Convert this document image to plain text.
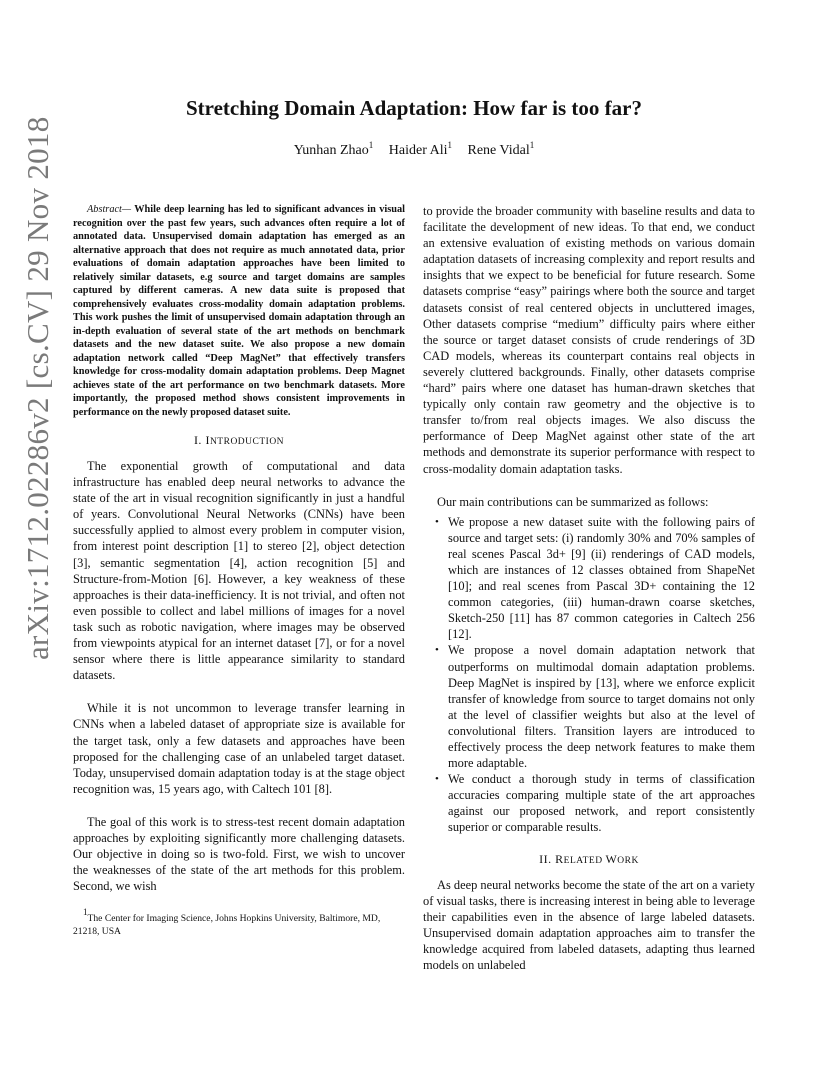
arXiv:1712.02286v2 [cs.CV] 29 Nov 2018
Stretching Domain Adaptation: How far is too far?
Yunhan Zhao$^1$ Haider Ali$^1$ Rene Vidal$^1$

Abstract— While deep learning has led to significant advances in visual recognition over the past few years, such advances often require a lot of annotated data. Unsupervised domain adaptation has emerged as an alternative approach that does not require as much annotated data, prior evaluations of domain adaptation approaches have been limited to relatively similar datasets, e.g source and target domains are samples captured by different cameras. A new data suite is proposed that comprehensively evaluates cross-modality domain adaptation problems. This work pushes the limit of unsupervised domain adaptation through an in-depth evaluation of several state of the art methods on benchmark datasets and the new dataset suite. We also propose a new domain adaptation network called “Deep MagNet” that effectively transfers knowledge for cross-modality domain adaptation problems. Deep Magnet achieves state of the art performance on two benchmark datasets. More importantly, the proposed method shows consistent improvements in performance on the newly proposed dataset suite.

I. INTRODUCTION

The exponential growth of computational and data infrastructure has enabled deep neural networks to advance the state of the art in visual recognition significantly in just a handful of years. Convolutional Neural Networks (CNNs) have been successfully applied to almost every problem in computer vision, from interest point description [1] to stereo [2], object detection [3], semantic segmentation [4], action recognition [5] and Structure-from-Motion [6]. However, a key weakness of these approaches is their data-inefficiency. It is not trivial, and often not even possible to collect and label millions of images for a novel task such as robotic navigation, where images may be observed from viewpoints atypical for an internet dataset [7], or for a novel sensor where there is little appearance similarity to standard datasets.

While it is not uncommon to leverage transfer learning in CNNs when a labeled dataset of appropriate size is available for the target task, only a few datasets and approaches have been proposed for the challenging case of an unlabeled target dataset. Today, unsupervised domain adaptation today is at the stage object recognition was, 15 years ago, with Caltech 101 [8].

The goal of this work is to stress-test recent domain adaptation approaches by exploiting significantly more challenging datasets. Our objective in doing so is two-fold. First, we wish to uncover the weaknesses of the state of the art methods for this problem. Second, we wish

$^1$The Center for Imaging Science, Johns Hopkins University, Baltimore, MD, 21218, USA

to provide the broader community with baseline results and data to facilitate the development of new ideas. To that end, we conduct an extensive evaluation of existing methods on various domain adaptation datasets of increasing complexity and report results and insights that we expect to be beneficial for future research. Some datasets comprise “easy” pairings where both the source and target datasets consist of real centered objects in uncluttered images, Other datasets comprise “medium” difficulty pairs where either the source or target dataset consists of crude renderings of 3D CAD models, whereas its counterpart contains real objects in severely cluttered backgrounds. Finally, other datasets comprise “hard” pairs where one dataset has human-drawn sketches that typically only contain raw geometry and the objective is to transfer to/from real objects images. We also discuss the performance of Deep MagNet against other state of the art methods and demonstrate its superior performance with respect to cross-modality domain adaptation tasks.

Our main contributions can be summarized as follows:

• We propose a new dataset suite with the following pairs of source and target sets: (i) randomly 30% and 70% samples of real scenes Pascal 3d+ [9] (ii) renderings of CAD models, which are instances of 12 classes obtained from ShapeNet [10]; and real scenes from Pascal 3D+ containing the 12 common categories, (iii) human-drawn coarse sketches, Sketch-250 [11] has 87 common categories in Caltech 256 [12].
• We propose a novel domain adaptation network that outperforms on multimodal domain adaptation problems. Deep MagNet is inspired by [13], where we enforce explicit transfer of knowledge from source to target domains not only at the level of classifier weights but also at the level of convolutional filters. Transition layers are introduced to effectively process the deep network features to make them more adaptable.
• We conduct a thorough study in terms of classification accuracies comparing multiple state of the art approaches against our proposed network, and report consistently superior or comparable results.

II. RELATED WORK

As deep neural networks become the state of the art on a variety of visual tasks, there is increasing interest in being able to leverage their capabilities even in the absence of large labeled datasets. Unsupervised domain adaptation approaches aim to transfer the knowledge acquired from labeled datasets, adapting thus learned models on unlabeled
